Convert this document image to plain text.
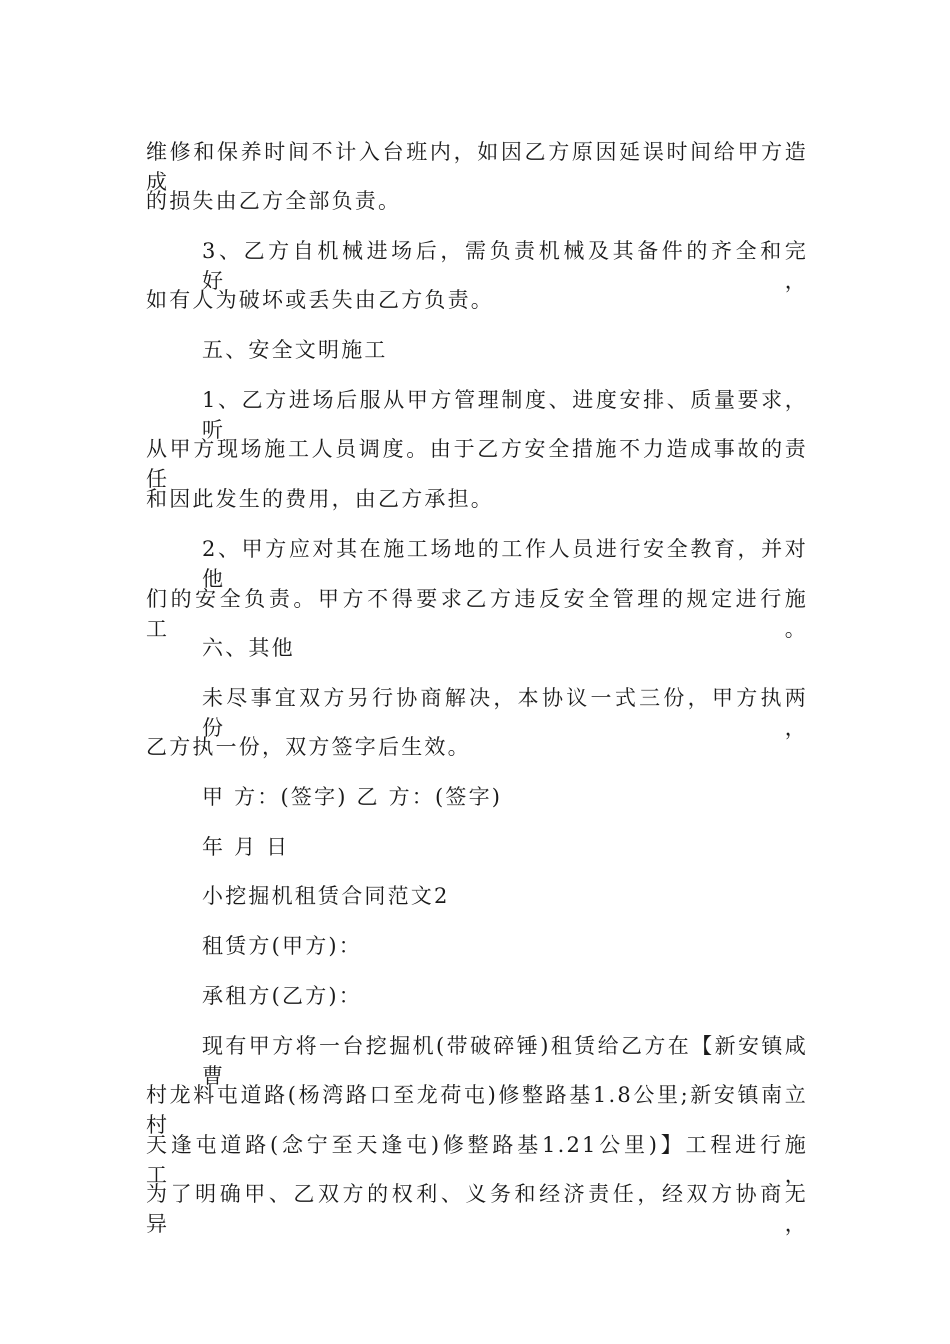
维修和保养时间不计入台班内，如因乙方原因延误时间给甲方造成
的损失由乙方全部负责。
3、乙方自机械进场后，需负责机械及其备件的齐全和完好，
如有人为破坏或丢失由乙方负责。
五、安全文明施工
1、乙方进场后服从甲方管理制度、进度安排、质量要求，听
从甲方现场施工人员调度。由于乙方安全措施不力造成事故的责任
和因此发生的费用，由乙方承担。
2、甲方应对其在施工场地的工作人员进行安全教育，并对他
们的安全负责。甲方不得要求乙方违反安全管理的规定进行施工。
六、其他
未尽事宜双方另行协商解决，本协议一式三份，甲方执两份，
乙方执一份，双方签字后生效。
甲 方：(签字) 乙 方：(签字)
年 月 日
小挖掘机租赁合同范文2
租赁方(甲方)：
承租方(乙方)：
现有甲方将一台挖掘机(带破碎锤)租赁给乙方在【新安镇咸曹
村龙料屯道路(杨湾路口至龙荷屯)修整路基1.8公里;新安镇南立村
天逢屯道路(念宁至天逢屯)修整路基1.21公里)】工程进行施工，
为了明确甲、乙双方的权利、义务和经济责任，经双方协商无异，
